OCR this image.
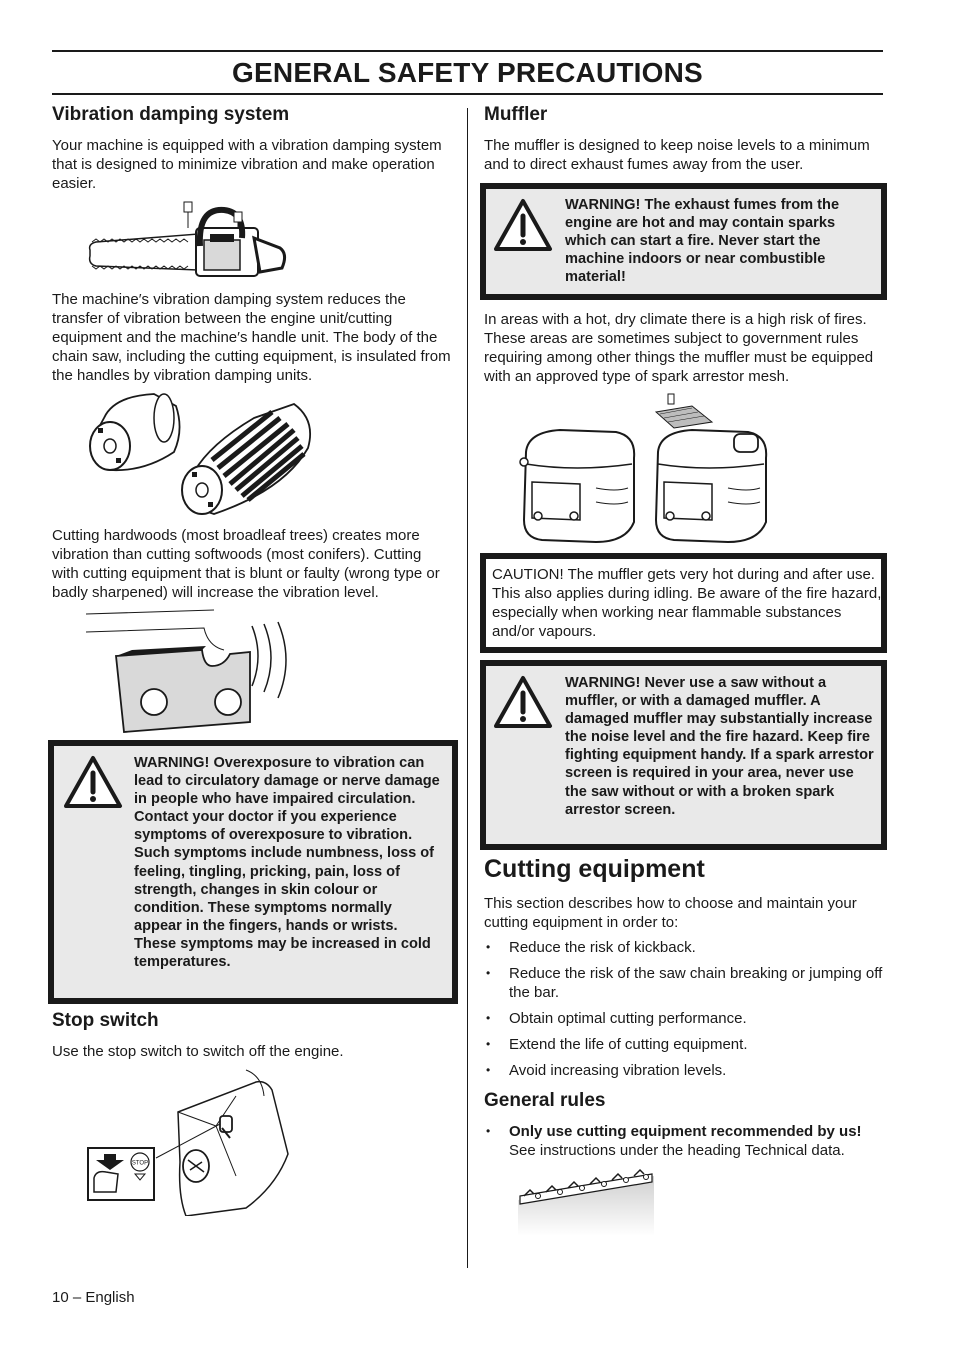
GENERAL SAFETY PRECAUTIONS
Vibration damping system
Your machine is equipped with a vibration damping system that is designed to minimize vibration and make operation easier.
The machine′s vibration damping system reduces the transfer of vibration between the engine unit/cutting equipment and the machine′s handle unit. The body of the chain saw, including the cutting equipment, is insulated from the handles by vibration damping units.
Cutting hardwoods (most broadleaf trees) creates more vibration than cutting softwoods (most conifers). Cutting with cutting equipment that is blunt or faulty (wrong type or badly sharpened) will increase the vibration level.
WARNING! Overexposure to vibration can lead to circulatory damage or nerve damage in people who have impaired circulation. Contact your doctor if you experience symptoms of overexposure to vibration. Such symptoms include numbness, loss of feeling, tingling, pricking, pain, loss of strength, changes in skin colour or condition. These symptoms normally appear in the fingers, hands or wrists. These symptoms may be increased in cold temperatures.
Stop switch
Use the stop switch to switch off the engine.
STOP
Muffler
The muffler is designed to keep noise levels to a minimum and to direct exhaust fumes away from the user.
WARNING! The exhaust fumes from the engine are hot and may contain sparks which can start a fire. Never start the machine indoors or near combustible material!
In areas with a hot, dry climate there is a high risk of fires. These areas are sometimes subject to government rules requiring among other things the muffler must be equipped with an approved type of spark arrestor mesh.
CAUTION! The muffler gets very hot during and after use. This also applies during idling. Be aware of the fire hazard, especially when working near flammable substances and/or vapours.
WARNING! Never use a saw without a muffler, or with a damaged muffler. A damaged muffler may substantially increase the noise level and the fire hazard. Keep fire fighting equipment handy. If a spark arrestor screen is required in your area, never use the saw without or with a broken spark arrestor screen.
Cutting equipment
This section describes how to choose and maintain your cutting equipment in order to:
• Reduce the risk of kickback.
• Reduce the risk of the saw chain breaking or jumping off the bar.
• Obtain optimal cutting performance.
• Extend the life of cutting equipment.
• Avoid increasing vibration levels.
General rules
• Only use cutting equipment recommended by us!
See instructions under the heading Technical data.
10 – English
